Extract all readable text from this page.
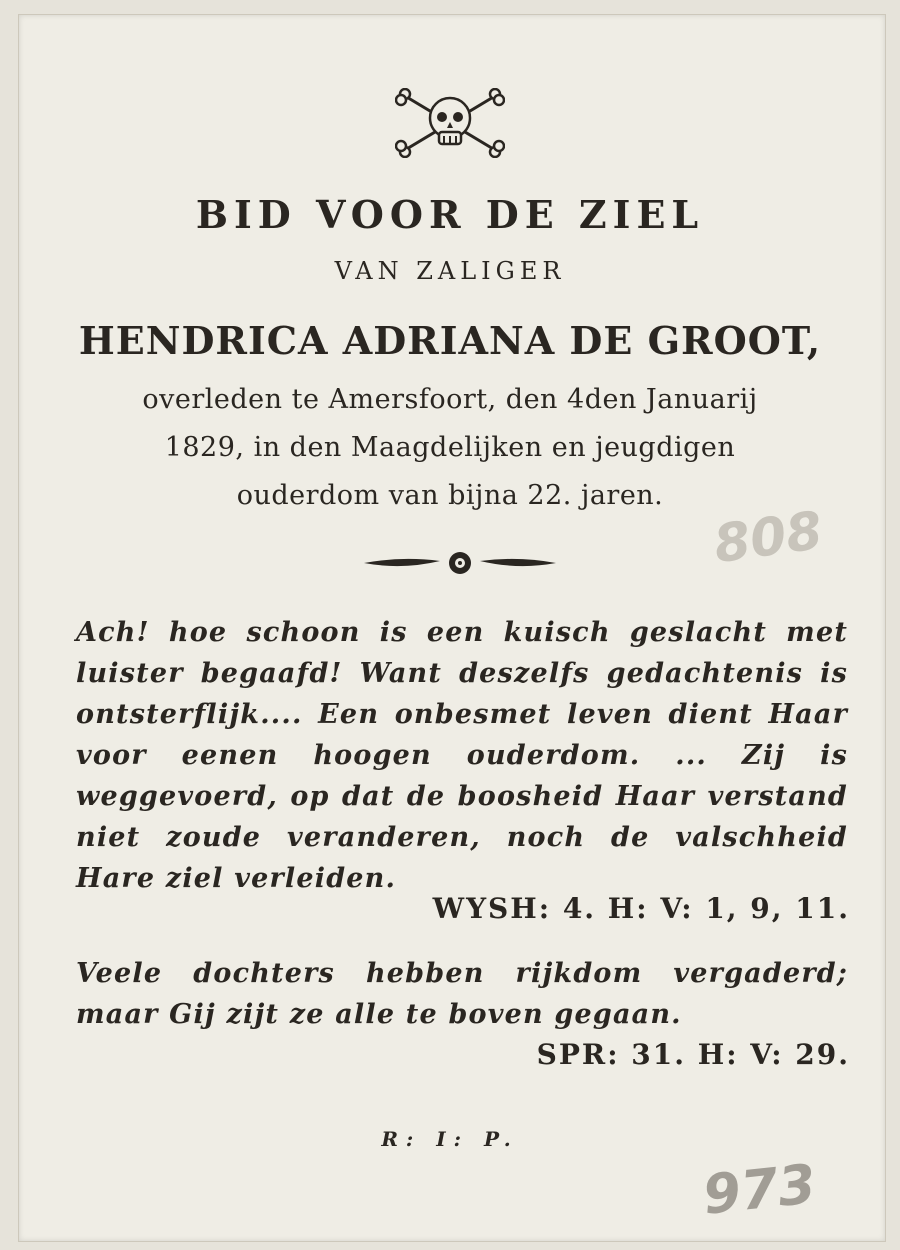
BID VOOR DE ZIEL
VAN ZALIGER
HENDRICA ADRIANA DE GROOT,
overleden te Amersfoort, den 4den Januarij
1829, in den Maagdelijken en jeugdigen
ouderdom van bijna 22. jaren.
808
Ach! hoe schoon is een kuisch geslacht met luister begaafd! Want deszelfs gedachtenis is ontsterflijk.... Een onbesmet leven dient Haar voor eenen hoogen ouderdom. ... Zij is weggevoerd, op dat de boosheid Haar verstand niet zoude veranderen, noch de valschheid Hare ziel verleiden.
WYSH: 4. H: V: 1, 9, 11.
Veele dochters hebben rijkdom vergaderd; maar Gij zijt ze alle te boven gegaan.
SPR: 31. H: V: 29.
R: I: P.
973
